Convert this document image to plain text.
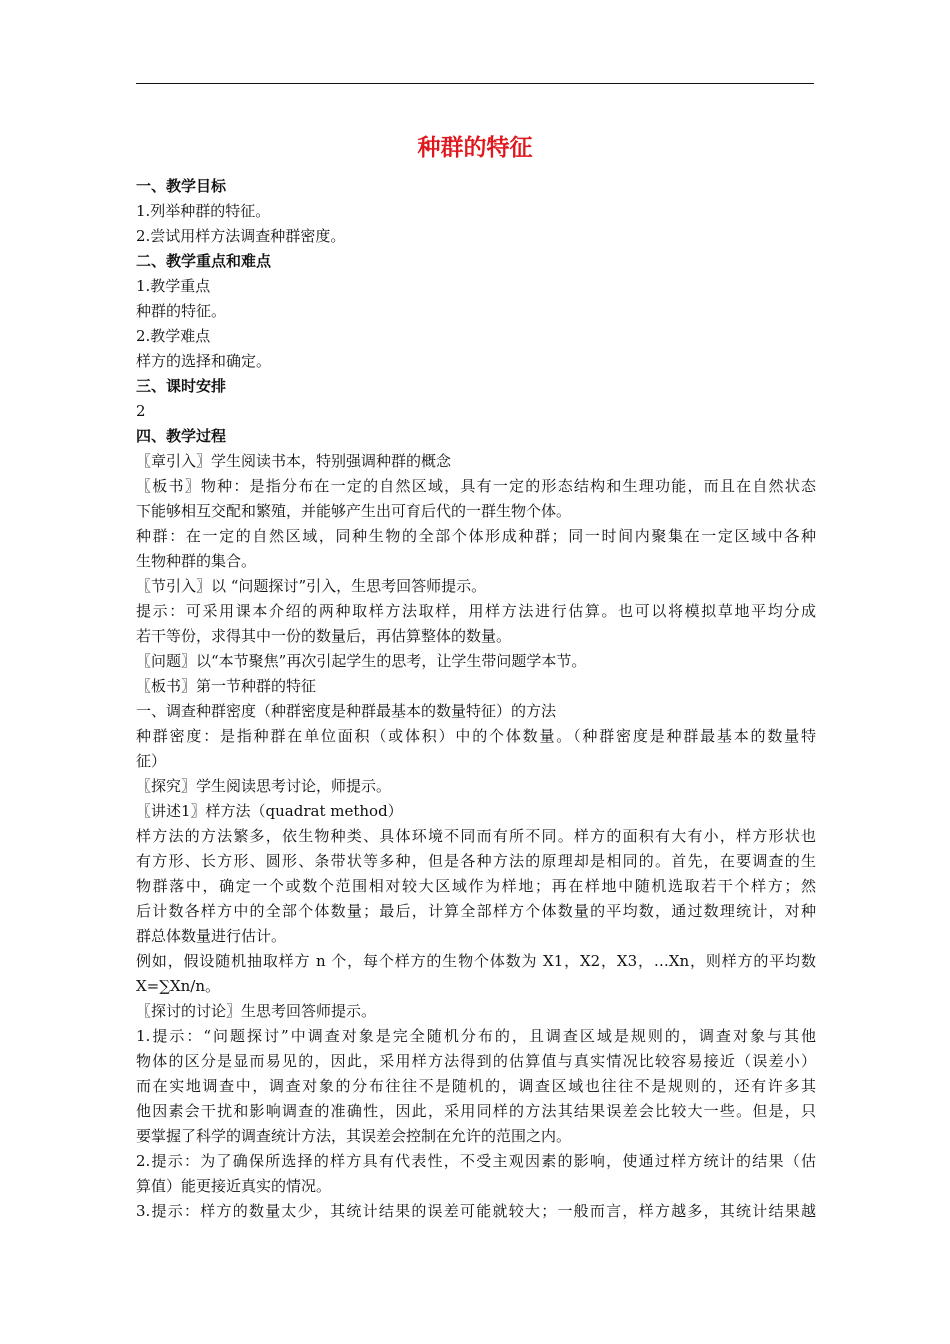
种群的特征
一、教学目标
1.列举种群的特征。
2.尝试用样方法调查种群密度。
二、教学重点和难点
1.教学重点
种群的特征。
2.教学难点
样方的选择和确定。
三、课时安排
2
四、教学过程
〖章引入〗学生阅读书本，特别强调种群的概念
〖板书〗物种：是指分布在一定的自然区域，具有一定的形态结构和生理功能，而且在自然状态
下能够相互交配和繁殖，并能够产生出可育后代的一群生物个体。
种群：在一定的自然区域，同种生物的全部个体形成种群；同一时间内聚集在一定区域中各种
生物种群的集合。
〖节引入〗以 “问题探讨”引入，生思考回答师提示。
提示：可采用课本介绍的两种取样方法取样，用样方法进行估算。也可以将模拟草地平均分成
若干等份，求得其中一份的数量后，再估算整体的数量。
〖问题〗以“本节聚焦”再次引起学生的思考，让学生带问题学本节。
〖板书〗第一节种群的特征
一、调查种群密度（种群密度是种群最基本的数量特征）的方法
种群密度：是指种群在单位面积（或体积）中的个体数量。（种群密度是种群最基本的数量特
征）
〖探究〗学生阅读思考讨论，师提示。
〖讲述1〗样方法（quadrat method）
样方法的方法繁多，依生物种类、具体环境不同而有所不同。样方的面积有大有小，样方形状也
有方形、长方形、圆形、条带状等多种，但是各种方法的原理却是相同的。首先，在要调查的生
物群落中，确定一个或数个范围相对较大区域作为样地；再在样地中随机选取若干个样方；然
后计数各样方中的全部个体数量；最后，计算全部样方个体数量的平均数，通过数理统计，对种
群总体数量进行估计。
例如，假设随机抽取样方 n 个，每个样方的生物个体数为 X1，X2，X3，…Xn，则样方的平均数
X=∑Xn/n。
〖探讨的讨论〗生思考回答师提示。
1.提示：“问题探讨”中调查对象是完全随机分布的，且调查区域是规则的，调查对象与其他
物体的区分是显而易见的，因此，采用样方法得到的估算值与真实情况比较容易接近（误差小）
而在实地调查中，调查对象的分布往往不是随机的，调查区域也往往不是规则的，还有许多其
他因素会干扰和影响调查的准确性，因此，采用同样的方法其结果误差会比较大一些。但是，只
要掌握了科学的调查统计方法，其误差会控制在允许的范围之内。
2.提示：为了确保所选择的样方具有代表性，不受主观因素的影响，使通过样方统计的结果（估
算值）能更接近真实的情况。
3.提示：样方的数量太少，其统计结果的误差可能就较大；一般而言，样方越多，其统计结果越
